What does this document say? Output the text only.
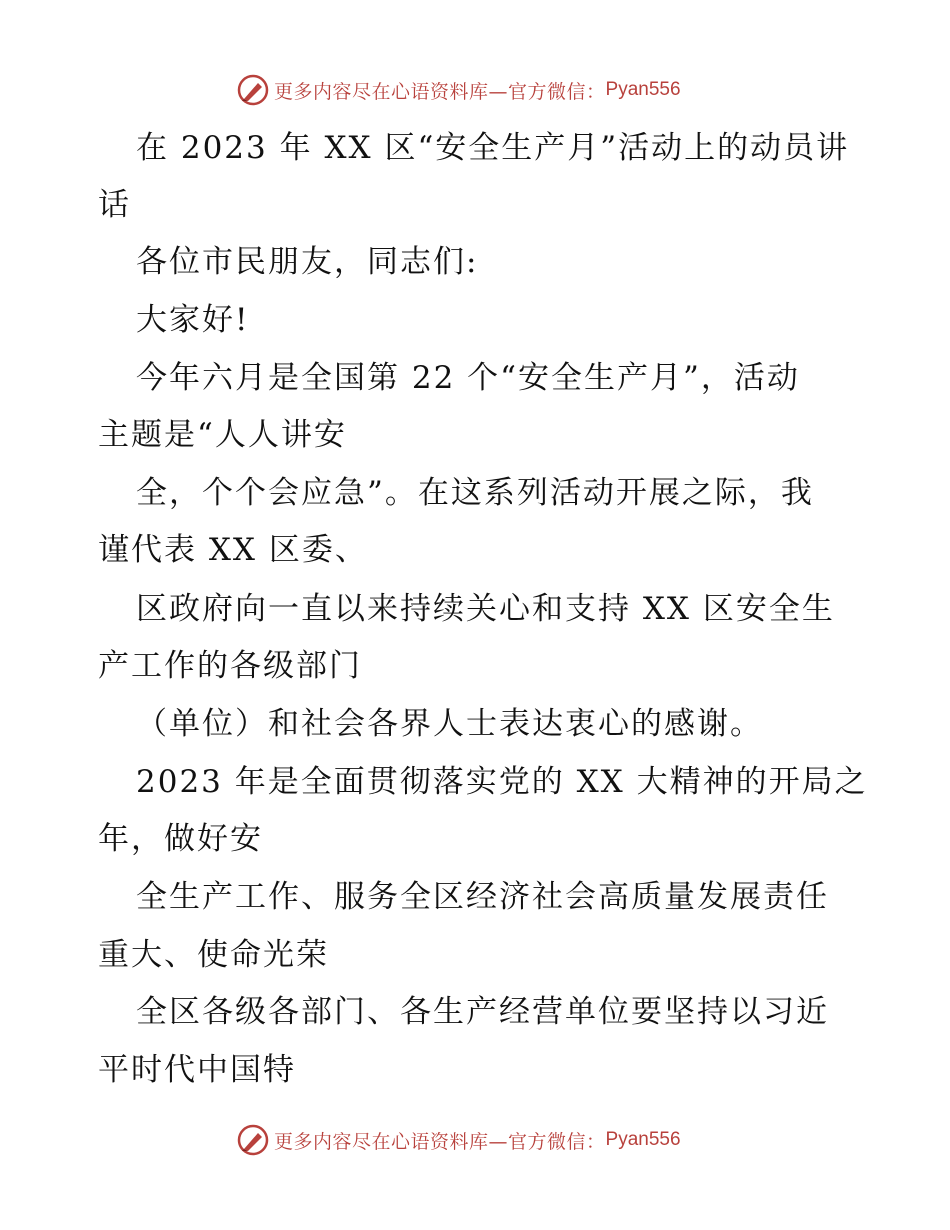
更多内容尽在心语资料库—官方微信： Pyan556
在 2023 年 XX 区“安全生产月”活动上的动员讲
话
各位市民朋友，同志们:
大家好!
今年六月是全国第 22 个“安全生产月”，活动
主题是“人人讲安
全，个个会应急”。在这系列活动开展之际，我
谨代表 XX 区委、
区政府向一直以来持续关心和支持 XX 区安全生
产工作的各级部门
（单位）和社会各界人士表达衷心的感谢。
2023 年是全面贯彻落实党的 XX 大精神的开局之
年，做好安
全生产工作、服务全区经济社会高质量发展责任
重大、使命光荣
全区各级各部门、各生产经营单位要坚持以习近
平时代中国特
更多内容尽在心语资料库—官方微信： Pyan556
